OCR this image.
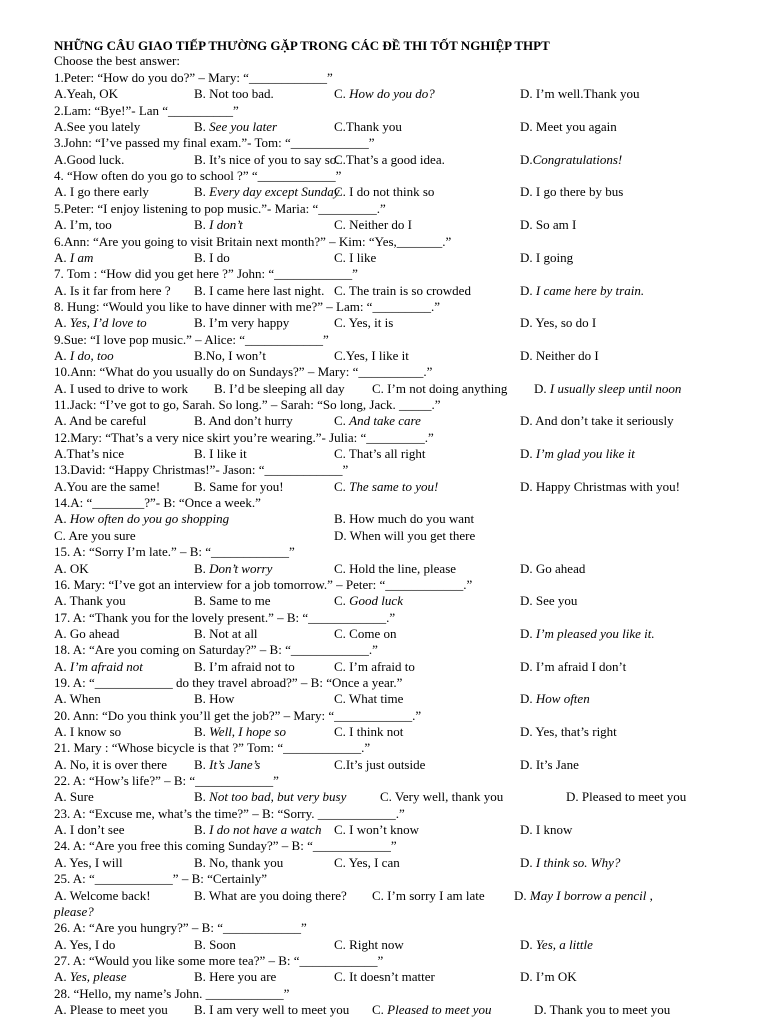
NHỮNG CÂU GIAO TIẾP THƯỜNG GẶP TRONG CÁC ĐỀ THI TỐT NGHIỆP THPT
Choose the best answer:
1.Peter: “How do you do?” – Mary: “____________”
A.Yeah, OK	B. Not too bad.	C. How do you do?	D. I’m well.Thank you
2.Lam: “Bye!”- Lan “__________”
A.See you lately	B. See you later	C.Thank you	D. Meet you again
3.John: “I’ve passed my final exam.”- Tom: “____________”
A.Good luck.	B. It’s nice of you to say so.
C.That’s a good idea.	D.Congratulations!
4. “How often do you go to school ?” “____________”
A. I go there early	B. Every day except Sunday
C. I do not think so	D. I go there by bus
5.Peter: “I enjoy listening to pop music.”- Maria: “_________.”
A. I’m, too	B. I don’t	C. Neither do I	D. So am I
6.Ann: “Are you going to visit Britain next month?” – Kim: “Yes,_______.”
A. I am	B. I do	C. I like	D. I going
7. Tom : “How did you get here ?” John: “____________”
A. Is it far from here ? B. I came here last night. C. The train is so crowded	D. I came here by train.
8. Hung: “Would you like to have dinner with me?” – Lam: “_________.”
A. Yes, I’d love to	B. I’m very happy	C. Yes, it is	D. Yes, so do I
9.Sue: “I love pop music.” – Alice: “____________”
A. I do, too	B.No, I won’t	C.Yes, I like it	D. Neither do I
10.Ann: “What do you usually do on Sundays?” – Mary: “__________.”
A. I used to drive to work B. I’d be sleeping all day C. I’m not doing anything D. I usually sleep until noon
11.Jack: “I’ve got to go, Sarah. So long.” – Sarah: “So long, Jack. _____.”
A. And be careful	B. And don’t hurry	C. And take care	D. And don’t take it seriously
12.Mary: “That’s a very nice skirt you’re wearing.”- Julia: “_________.”
A.That’s nice	B. I like it	C. That’s all right	D. I’m glad you like it
13.David: “Happy Christmas!”- Jason: “____________”
A.You are the same!	B. Same for you!	C. The same to you!	D. Happy Christmas with you!
14.A: “________?”- B: “Once a week.”
A. How often do you go shopping	B. How much do you want
C. Are you sure	D. When will you get there
15. A: “Sorry I’m late.” – B: “____________”
A. OK	B. Don’t worry	C. Hold the line, please	D. Go ahead
16. Mary: “I’ve got an interview for a job tomorrow.” – Peter: “____________.”
A. Thank you	B. Same to me	C. Good luck	D. See you
17. A: “Thank you for the lovely present.” – B: “____________.”
A. Go ahead	B. Not at all	C. Come on	D. I’m pleased you like it.
18. A: “Are you coming on Saturday?” – B: “____________.”
A. I’m afraid not	B. I’m afraid not to	C. I’m afraid to	D. I’m afraid I don’t
19. A: “____________ do they travel abroad?” – B: “Once a year.”
A. When	B. How	C. What time	D. How often
20. Ann: “Do you think you’ll get the job?” – Mary: “____________.”
A. I know so	B. Well, I hope so	C. I think not	D. Yes, that’s right
21. Mary : “Whose bicycle is that ?” Tom: “____________.”
A. No, it is over there B. It’s Jane’s	C.It’s just outside	D. It’s Jane
22. A: “How’s life?” – B: “____________”
A. Sure	B. Not too bad, but very busy	C. Very well, thank you	D. Pleased to meet you
23. A: “Excuse me, what’s the time?” – B: “Sorry. ____________.”
A. I don’t see	B. I do not have a watch C. I won’t know	D. I know
24. A: “Are you free this coming Sunday?” – B: “____________”
A. Yes, I will	B. No, thank you	C. Yes, I can	D. I think so. Why?
25. A: “____________” – B: “Certainly”
A. Welcome back!	B. What are you doing there? C. I’m sorry I am late D. May I borrow a pencil ,
please?
26. A: “Are you hungry?” – B: “____________”
A. Yes, I do	B. Soon	C. Right now	D. Yes, a little
27. A: “Would you like some more tea?” – B: “____________”
A. Yes, please	B. Here you are	C. It doesn’t matter	D. I’m OK
28. “Hello, my name’s John. ____________”
A. Please to meet you B. I am very well to meet you C. Pleased to meet you	D. Thank you to meet you
